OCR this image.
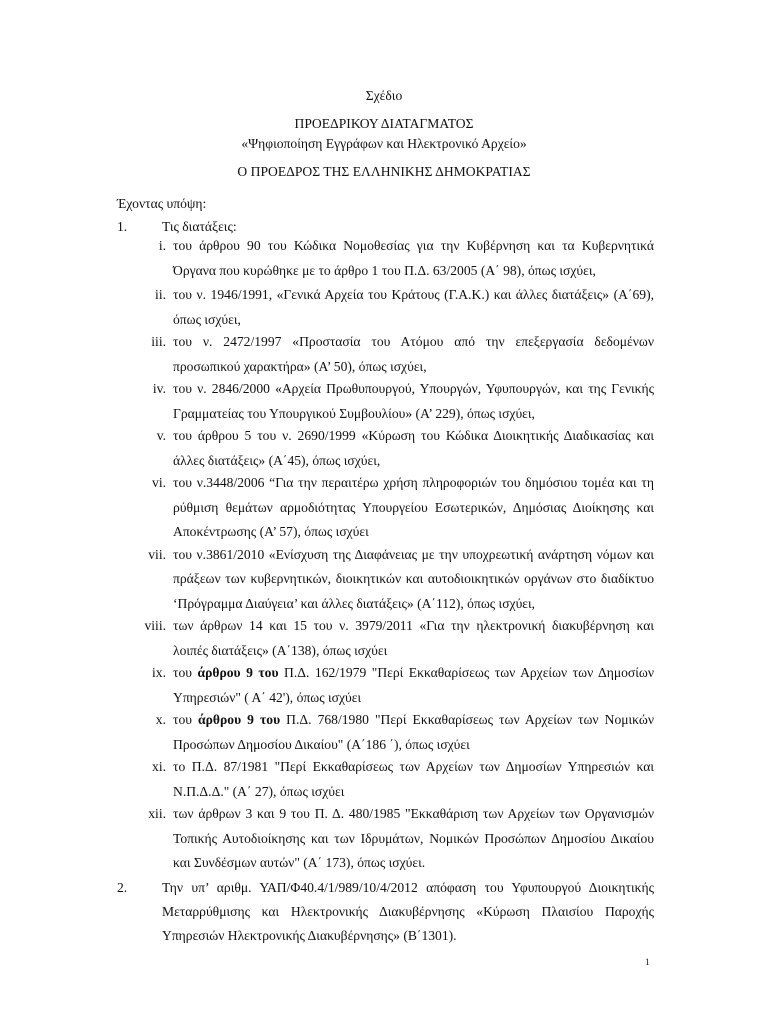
Σχέδιο
ΠΡΟΕΔΡΙΚΟΥ ΔΙΑΤΑΓΜΑΤΟΣ
«Ψηφιοποίηση Εγγράφων και Ηλεκτρονικό Αρχείο»
Ο ΠΡΟΕΔΡΟΣ ΤΗΣ ΕΛΛΗΝΙΚΗΣ ΔΗΜΟΚΡΑΤΙΑΣ
Έχοντας υπόψη:
1.	Τις διατάξεις:
i. του άρθρου 90 του Κώδικα Νομοθεσίας για την Κυβέρνηση και τα Κυβερνητικά Όργανα που κυρώθηκε με το άρθρο 1 του Π.Δ. 63/2005 (Α΄ 98), όπως ισχύει,
ii. του ν. 1946/1991, «Γενικά Αρχεία του Κράτους (Γ.Α.Κ.) και άλλες διατάξεις» (Α΄69), όπως ισχύει,
iii. του ν. 2472/1997 «Προστασία του Ατόμου από την επεξεργασία δεδομένων προσωπικού χαρακτήρα» (Α’ 50), όπως ισχύει,
iv. του ν. 2846/2000 «Αρχεία Πρωθυπουργού, Υπουργών, Υφυπουργών, και της Γενικής Γραμματείας του Υπουργικού Συμβουλίου» (Α’ 229), όπως ισχύει,
v. του άρθρου 5 του ν. 2690/1999 «Κύρωση του Κώδικα Διοικητικής Διαδικασίας και άλλες διατάξεις» (Α΄45), όπως ισχύει,
vi. του ν.3448/2006 “Για την περαιτέρω χρήση πληροφοριών του δημόσιου τομέα και τη ρύθμιση θεμάτων αρμοδιότητας Υπουργείου Εσωτερικών, Δημόσιας Διοίκησης και Αποκέντρωσης (Α’ 57), όπως ισχύει
vii. του ν.3861/2010 «Ενίσχυση της Διαφάνειας με την υποχρεωτική ανάρτηση νόμων και πράξεων των κυβερνητικών, διοικητικών και αυτοδιοικητικών οργάνων στο διαδίκτυο ‘Πρόγραμμα Διαύγεια’ και άλλες διατάξεις» (Α΄112), όπως ισχύει,
viii. των άρθρων 14 και 15 του ν. 3979/2011 «Για την ηλεκτρονική διακυβέρνηση και λοιπές διατάξεις» (Α΄138), όπως ισχύει
ix. του άρθρου 9 του Π.Δ. 162/1979 "Περί Εκκαθαρίσεως των Αρχείων των Δημοσίων Υπηρεσιών" ( Α΄ 42'), όπως ισχύει
x. του άρθρου 9 του Π.Δ. 768/1980 "Περί Εκκαθαρίσεως των Αρχείων των Νομικών Προσώπων Δημοσίου Δικαίου" (Α΄186 ΄), όπως ισχύει
xi. το Π.Δ. 87/1981 "Περί Εκκαθαρίσεως των Αρχείων των Δημοσίων Υπηρεσιών και Ν.Π.Δ.Δ." (Α΄ 27), όπως ισχύει
xii. των άρθρων 3 και 9 του Π. Δ. 480/1985 "Εκκαθάριση των Αρχείων των Οργανισμών Τοπικής Αυτοδιοίκησης και των Ιδρυμάτων, Νομικών Προσώπων Δημοσίου Δικαίου και Συνδέσμων αυτών" (Α΄ 173), όπως ισχύει.
2.	Την υπ’ αριθμ. ΥΑΠ/Φ40.4/1/989/10/4/2012 απόφαση του Υφυπουργού Διοικητικής Μεταρρύθμισης και Ηλεκτρονικής Διακυβέρνησης «Κύρωση Πλαισίου Παροχής Υπηρεσιών Ηλεκτρονικής Διακυβέρνησης» (Β΄1301).
1
